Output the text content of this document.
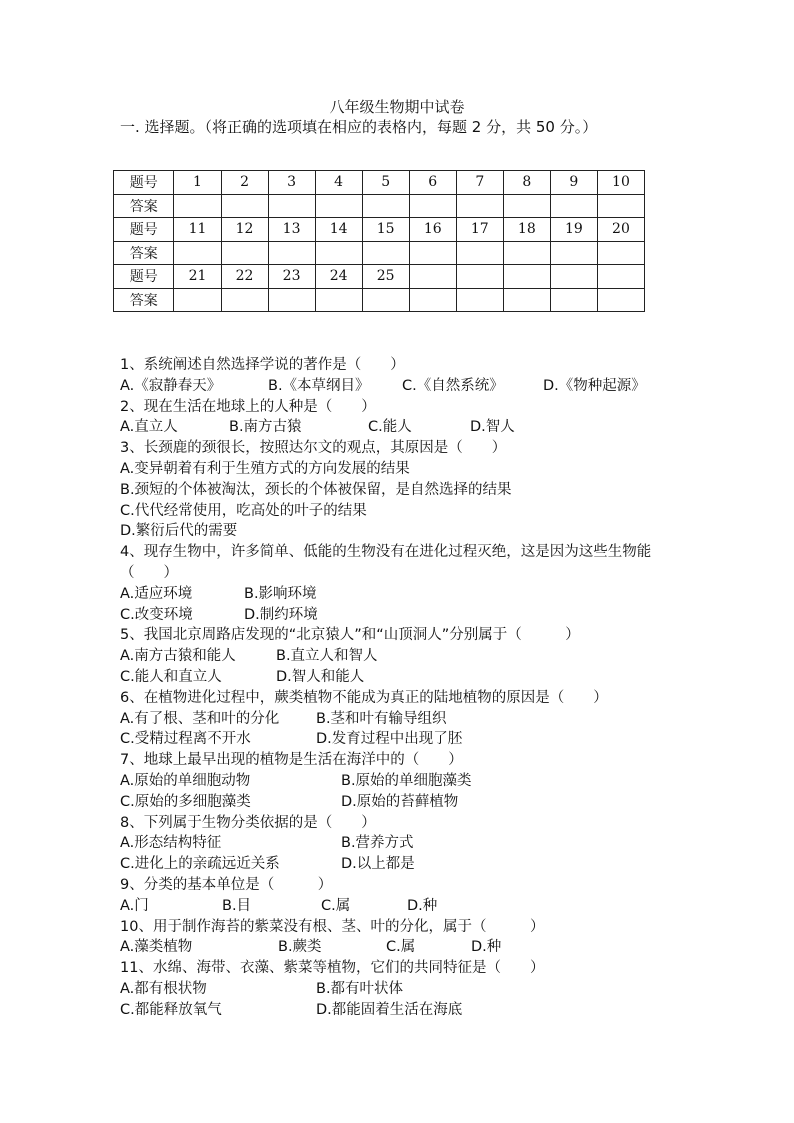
八年级生物期中试卷
一. 选择题。（将正确的选项填在相应的表格内，每题 2 分，共 50 分。）
题号	1	2	3	4	5	6	7	8	9	10
答案										
题号	11	12	13	14	15	16	17	18	19	20
答案										
题号	21	22	23	24	25					
答案										
1、系统阐述自然选择学说的著作是（　　）
A.《寂静春天》	B.《本草纲目》 C.《自然系统》	D.《物种起源》
2、现在生活在地球上的人种是（　　）
A.直立人	B.南方古猿	C.能人	D.智人
3、长颈鹿的颈很长，按照达尔文的观点，其原因是（　　）
A.变异朝着有利于生殖方式的方向发展的结果
B.颈短的个体被淘汰，颈长的个体被保留，是自然选择的结果
C.代代经常使用，吃高处的叶子的结果
D.繁衍后代的需要
4、现存生物中，许多简单、低能的生物没有在进化过程灭绝，这是因为这些生物能（　　）
A.适应环境	B.影响环境
C.改变环境	D.制约环境
5、我国北京周路店发现的“北京猿人”和“山顶洞人”分别属于（　　　）
A.南方古猿和能人	B.直立人和智人
C.能人和直立人	D.智人和能人
6、在植物进化过程中，蕨类植物不能成为真正的陆地植物的原因是（　　）
A.有了根、茎和叶的分化	B.茎和叶有输导组织
C.受精过程离不开水	D.发育过程中出现了胚
7、地球上最早出现的植物是生活在海洋中的（　　）
A.原始的单细胞动物	B.原始的单细胞藻类
C.原始的多细胞藻类	D.原始的苔藓植物
8、下列属于生物分类依据的是（　　）
A.形态结构特征	B.营养方式
C.进化上的亲疏远近关系	D.以上都是
9、分类的基本单位是（　　　）
A.门	B.目	C.属	D.种
10、用于制作海苔的紫菜没有根、茎、叶的分化，属于（　　　）
A.藻类植物	B.蕨类	C.属	D.种
11、水绵、海带、衣藻、紫菜等植物，它们的共同特征是（　　）
A.都有根状物	B.都有叶状体
C.都能释放氧气	D.都能固着生活在海底
